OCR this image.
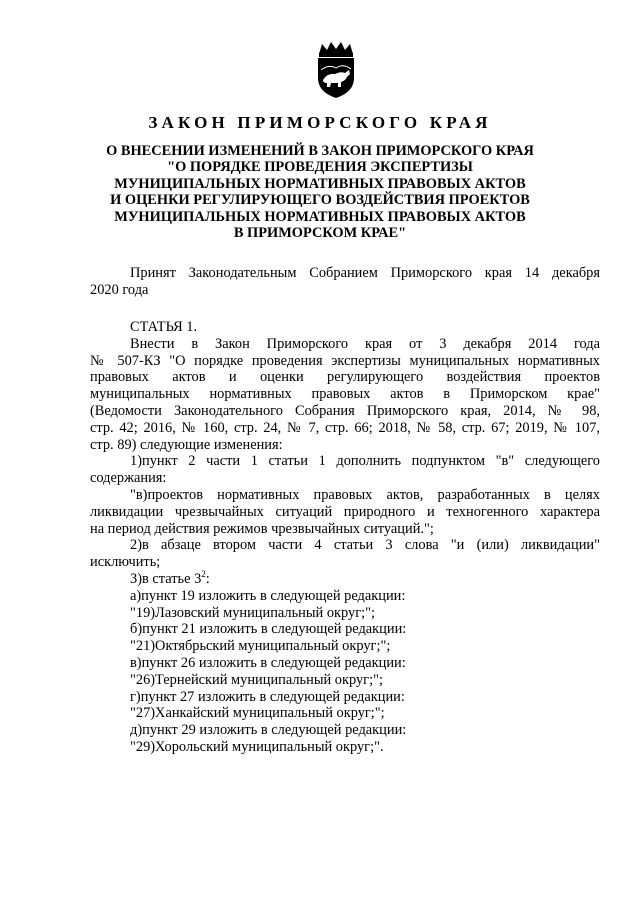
ЗАКОН ПРИМОРСКОГО КРАЯ
О ВНЕСЕНИИ ИЗМЕНЕНИЙ В ЗАКОН ПРИМОРСКОГО КРАЯ
"О ПОРЯДКЕ ПРОВЕДЕНИЯ ЭКСПЕРТИЗЫ
МУНИЦИПАЛЬНЫХ НОРМАТИВНЫХ ПРАВОВЫХ АКТОВ
И ОЦЕНКИ РЕГУЛИРУЮЩЕГО ВОЗДЕЙСТВИЯ ПРОЕКТОВ
МУНИЦИПАЛЬНЫХ НОРМАТИВНЫХ ПРАВОВЫХ АКТОВ
В ПРИМОРСКОМ КРАЕ"
Принят Законодательным Собранием Приморского края 14 декабря
2020 года
СТАТЬЯ 1.
Внести в Закон Приморского края от 3 декабря 2014 года
№ 507-КЗ "О порядке проведения экспертизы муниципальных нормативных
правовых актов и оценки регулирующего воздействия проектов
муниципальных нормативных правовых актов в Приморском крае"
(Ведомости Законодательного Собрания Приморского края, 2014, № 98,
стр. 42; 2016, № 160, стр. 24, № 7, стр. 66; 2018, № 58, стр. 67; 2019, № 107,
стр. 89) следующие изменения:
1)пункт 2 части 1 статьи 1 дополнить подпунктом "в" следующего
содержания:
"в)проектов нормативных правовых актов, разработанных в целях
ликвидации чрезвычайных ситуаций природного и техногенного характера
на период действия режимов чрезвычайных ситуаций.";
2)в абзаце втором части 4 статьи 3 слова "и (или) ликвидации"
исключить;
3)в статье $3^2$:
а)пункт 19 изложить в следующей редакции:
"19)Лазовский муниципальный округ;";
б)пункт 21 изложить в следующей редакции:
"21)Октябрьский муниципальный округ;";
в)пункт 26 изложить в следующей редакции:
"26)Тернейский муниципальный округ;";
г)пункт 27 изложить в следующей редакции:
"27)Ханкайский муниципальный округ;";
д)пункт 29 изложить в следующей редакции:
"29)Хорольский муниципальный округ;".
